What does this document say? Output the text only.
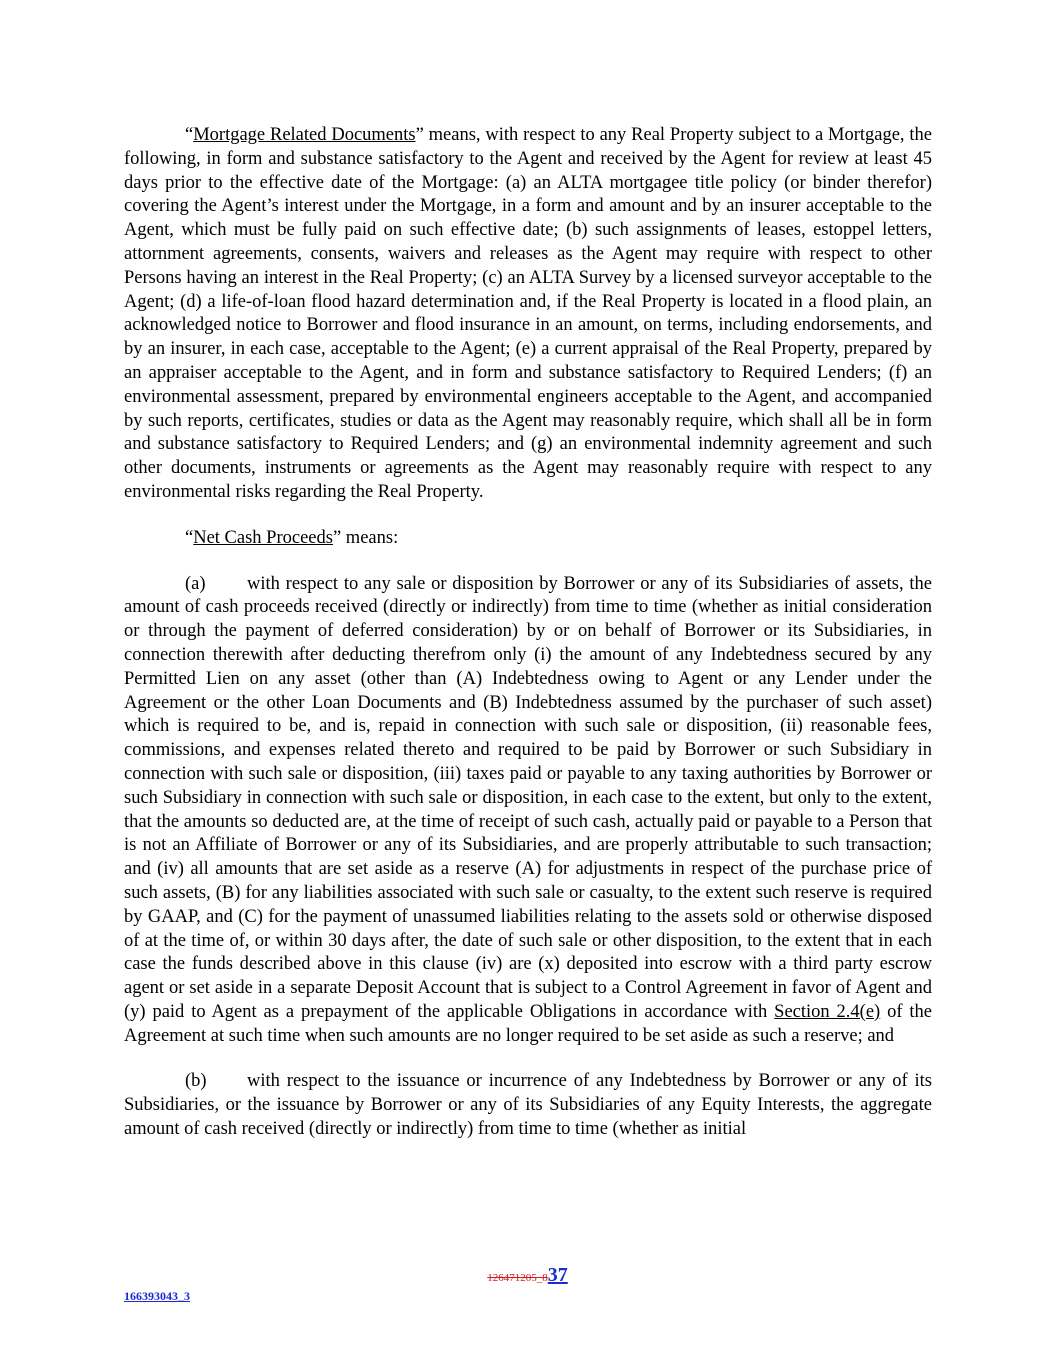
“Mortgage Related Documents” means, with respect to any Real Property subject to a Mortgage, the following, in form and substance satisfactory to the Agent and received by the Agent for review at least 45 days prior to the effective date of the Mortgage: (a) an ALTA mortgagee title policy (or binder therefor) covering the Agent’s interest under the Mortgage, in a form and amount and by an insurer acceptable to the Agent, which must be fully paid on such effective date; (b) such assignments of leases, estoppel letters, attornment agreements, consents, waivers and releases as the Agent may require with respect to other Persons having an interest in the Real Property; (c) an ALTA Survey by a licensed surveyor acceptable to the Agent; (d) a life-of-loan flood hazard determination and, if the Real Property is located in a flood plain, an acknowledged notice to Borrower and flood insurance in an amount, on terms, including endorsements, and by an insurer, in each case, acceptable to the Agent; (e) a current appraisal of the Real Property, prepared by an appraiser acceptable to the Agent, and in form and substance satisfactory to Required Lenders; (f) an environmental assessment, prepared by environmental engineers acceptable to the Agent, and accompanied by such reports, certificates, studies or data as the Agent may reasonably require, which shall all be in form and substance satisfactory to Required Lenders; and (g) an environmental indemnity agreement and such other documents, instruments or agreements as the Agent may reasonably require with respect to any environmental risks regarding the Real Property.

“Net Cash Proceeds” means:

(a) with respect to any sale or disposition by Borrower or any of its Subsidiaries of assets, the amount of cash proceeds received (directly or indirectly) from time to time (whether as initial consideration or through the payment of deferred consideration) by or on behalf of Borrower or its Subsidiaries, in connection therewith after deducting therefrom only (i) the amount of any Indebtedness secured by any Permitted Lien on any asset (other than (A) Indebtedness owing to Agent or any Lender under the Agreement or the other Loan Documents and (B) Indebtedness assumed by the purchaser of such asset) which is required to be, and is, repaid in connection with such sale or disposition, (ii) reasonable fees, commissions, and expenses related thereto and required to be paid by Borrower or such Subsidiary in connection with such sale or disposition, (iii) taxes paid or payable to any taxing authorities by Borrower or such Subsidiary in connection with such sale or disposition, in each case to the extent, but only to the extent, that the amounts so deducted are, at the time of receipt of such cash, actually paid or payable to a Person that is not an Affiliate of Borrower or any of its Subsidiaries, and are properly attributable to such transaction; and (iv) all amounts that are set aside as a reserve (A) for adjustments in respect of the purchase price of such assets, (B) for any liabilities associated with such sale or casualty, to the extent such reserve is required by GAAP, and (C) for the payment of unassumed liabilities relating to the assets sold or otherwise disposed of at the time of, or within 30 days after, the date of such sale or other disposition, to the extent that in each case the funds described above in this clause (iv) are (x) deposited into escrow with a third party escrow agent or set aside in a separate Deposit Account that is subject to a Control Agreement in favor of Agent and (y) paid to Agent as a prepayment of the applicable Obligations in accordance with Section 2.4(e) of the Agreement at such time when such amounts are no longer required to be set aside as such a reserve; and

(b) with respect to the issuance or incurrence of any Indebtedness by Borrower or any of its Subsidiaries, or the issuance by Borrower or any of its Subsidiaries of any Equity Interests, the aggregate amount of cash received (directly or indirectly) from time to time (whether as initial

126471205_837
166393043_3
